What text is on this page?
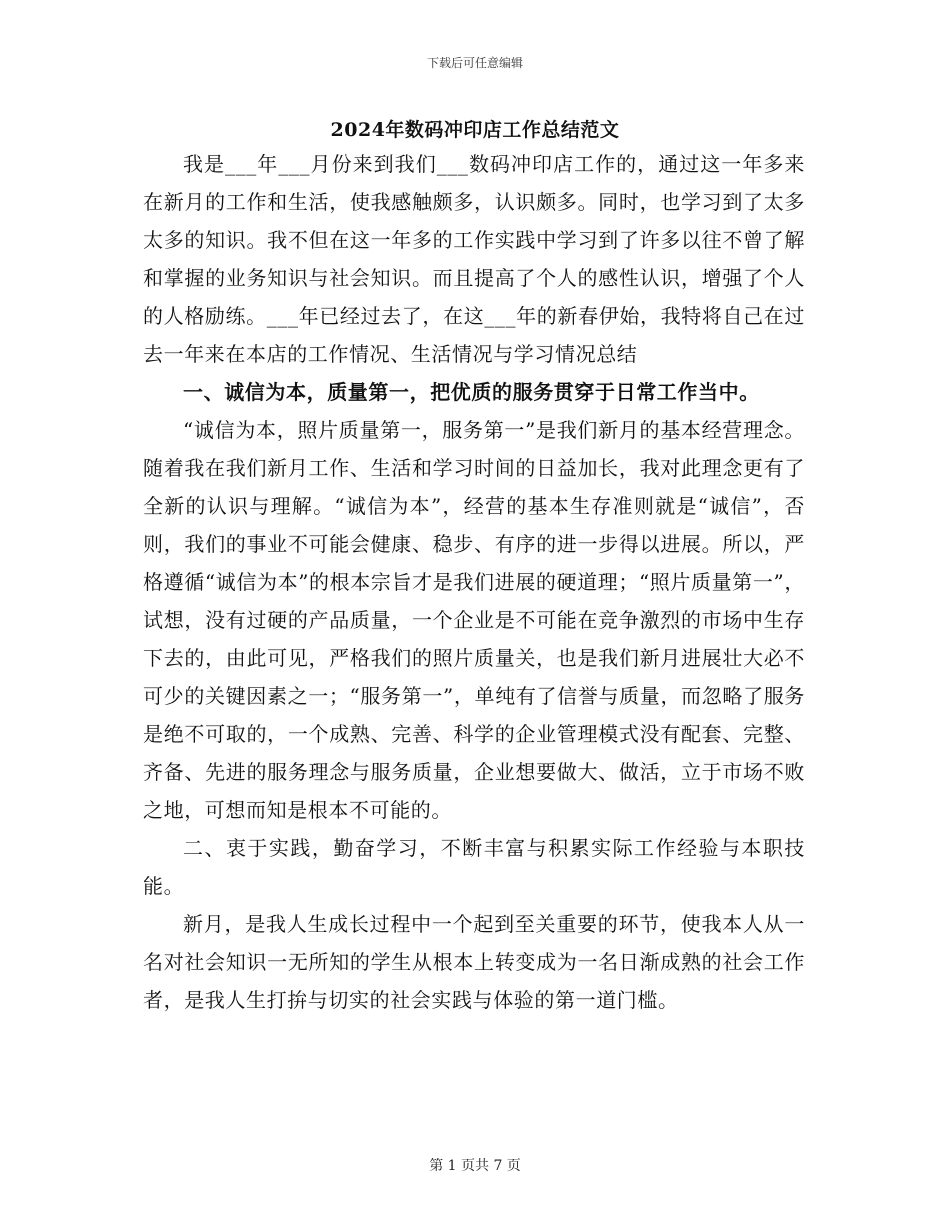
下载后可任意编辑
2024年数码冲印店工作总结范文

我是___年___月份来到我们___数码冲印店工作的，通过这一年多来在新月的工作和生活，使我感触颇多，认识颇多。同时，也学习到了太多太多的知识。我不但在这一年多的工作实践中学习到了许多以往不曾了解和掌握的业务知识与社会知识。而且提高了个人的感性认识，增强了个人的人格励练。___年已经过去了，在这___年的新春伊始，我特将自己在过去一年来在本店的工作情况、生活情况与学习情况总结

一、诚信为本，质量第一，把优质的服务贯穿于日常工作当中。

“诚信为本，照片质量第一，服务第一”是我们新月的基本经营理念。随着我在我们新月工作、生活和学习时间的日益加长，我对此理念更有了全新的认识与理解。“诚信为本”，经营的基本生存准则就是“诚信”，否则，我们的事业不可能会健康、稳步、有序的进一步得以进展。所以，严格遵循“诚信为本”的根本宗旨才是我们进展的硬道理；“照片质量第一”，试想，没有过硬的产品质量，一个企业是不可能在竞争激烈的市场中生存下去的，由此可见，严格我们的照片质量关，也是我们新月进展壮大必不可少的关键因素之一；“服务第一”，单纯有了信誉与质量，而忽略了服务是绝不可取的，一个成熟、完善、科学的企业管理模式没有配套、完整、齐备、先进的服务理念与服务质量，企业想要做大、做活，立于市场不败之地，可想而知是根本不可能的。

二、衷于实践，勤奋学习，不断丰富与积累实际工作经验与本职技能。

新月，是我人生成长过程中一个起到至关重要的环节，使我本人从一名对社会知识一无所知的学生从根本上转变成为一名日渐成熟的社会工作者，是我人生打拚与切实的社会实践与体验的第一道门槛。

第 1 页共 7 页
